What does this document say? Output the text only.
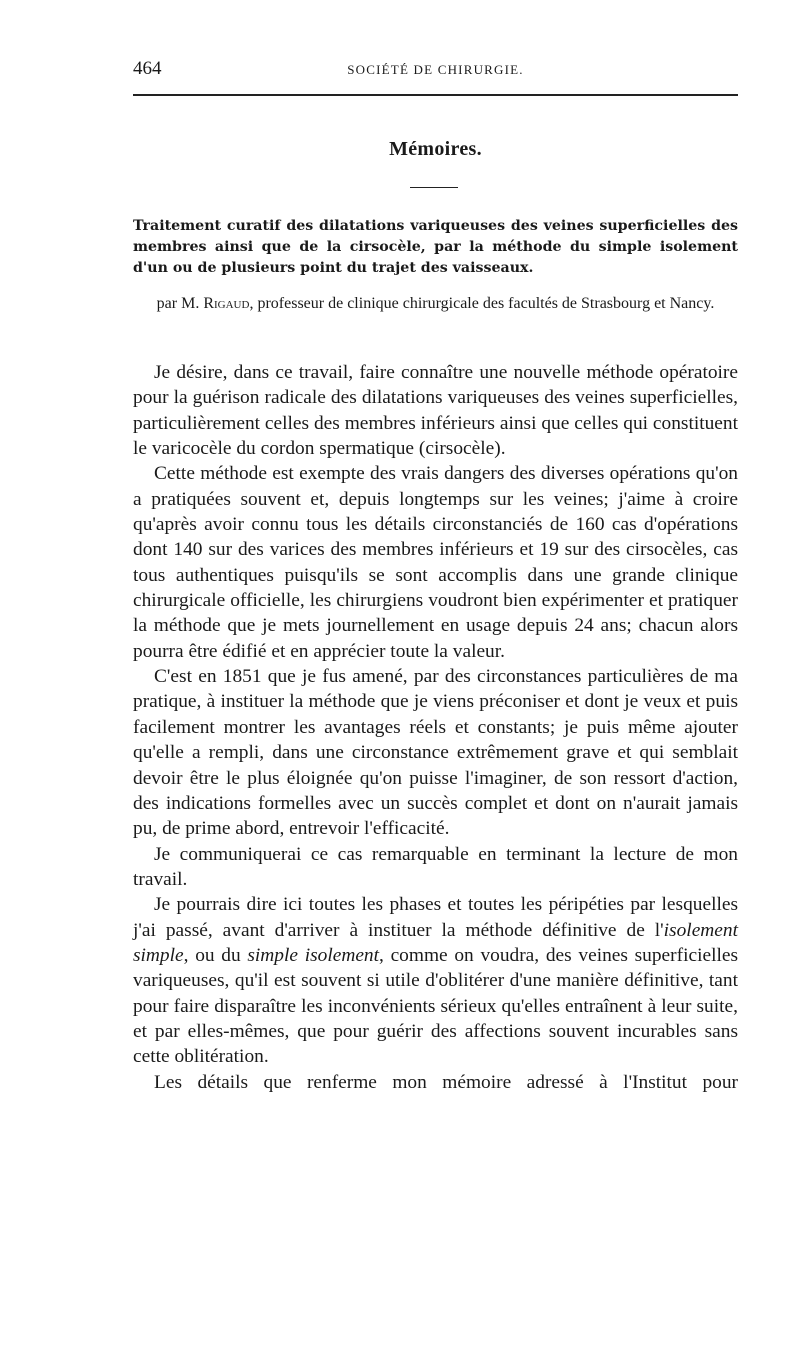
464	SOCIÉTÉ DE CHIRURGIE.
Mémoires.
Traitement curatif des dilatations variqueuses des veines superficielles des membres ainsi que de la cirsocèle, par la méthode du simple isolement d'un ou de plusieurs point du trajet des vaisseaux.
par M. Rigaud, professeur de clinique chirurgicale des facultés de Strasbourg et Nancy.

Je désire, dans ce travail, faire connaître une nouvelle méthode opératoire pour la guérison radicale des dilatations variqueuses des veines superficielles, particulièrement celles des membres inférieurs ainsi que celles qui constituent le varicocèle du cordon spermatique (cirsocèle).

Cette méthode est exempte des vrais dangers des diverses opérations qu'on a pratiquées souvent et, depuis longtemps sur les veines; j'aime à croire qu'après avoir connu tous les détails circonstanciés de 160 cas d'opérations dont 140 sur des varices des membres inférieurs et 19 sur des cirsocèles, cas tous authentiques puisqu'ils se sont accomplis dans une grande clinique chirurgicale officielle, les chirurgiens voudront bien expérimenter et pratiquer la méthode que je mets journellement en usage depuis 24 ans; chacun alors pourra être édifié et en apprécier toute la valeur.

C'est en 1851 que je fus amené, par des circonstances particulières de ma pratique, à instituer la méthode que je viens préconiser et dont je veux et puis facilement montrer les avantages réels et constants; je puis même ajouter qu'elle a rempli, dans une circonstance extrêmement grave et qui semblait devoir être le plus éloignée qu'on puisse l'imaginer, de son ressort d'action, des indications formelles avec un succès complet et dont on n'aurait jamais pu, de prime abord, entrevoir l'efficacité.

Je communiquerai ce cas remarquable en terminant la lecture de mon travail.

Je pourrais dire ici toutes les phases et toutes les péripéties par lesquelles j'ai passé, avant d'arriver à instituer la méthode définitive de l'isolement simple, ou du simple isolement, comme on voudra, des veines superficielles variqueuses, qu'il est souvent si utile d'oblitérer d'une manière définitive, tant pour faire disparaître les inconvénients sérieux qu'elles entraînent à leur suite, et par elles-mêmes, que pour guérir des affections souvent incurables sans cette oblitération.

Les détails que renferme mon mémoire adressé à l'Institut pour
